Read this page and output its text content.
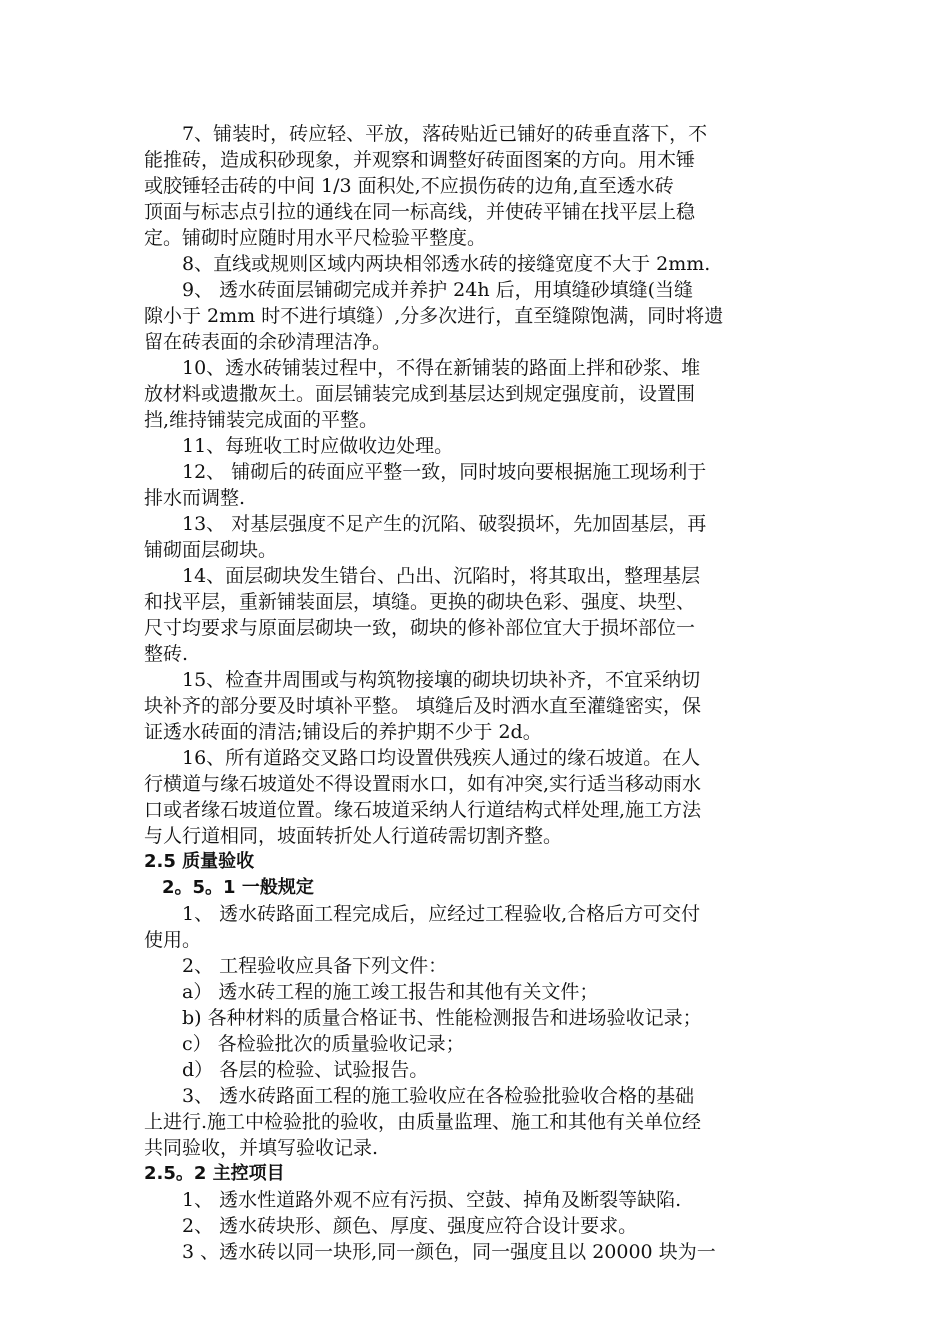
　　7、铺装时，砖应轻、平放，落砖贴近已铺好的砖垂直落下，不
能推砖，造成积砂现象，并观察和调整好砖面图案的方向。用木锤
或胶锤轻击砖的中间 1/3 面积处,不应损伤砖的边角,直至透水砖
顶面与标志点引拉的通线在同一标高线，并使砖平铺在找平层上稳
定。铺砌时应随时用水平尺检验平整度。
　　8、直线或规则区域内两块相邻透水砖的接缝宽度不大于 2mm.
　　9、 透水砖面层铺砌完成并养护 24h 后，用填缝砂填缝(当缝
隙小于 2mm 时不进行填缝）,分多次进行，直至缝隙饱满，同时将遗
留在砖表面的余砂清理洁净。
　　10、透水砖铺装过程中，不得在新铺装的路面上拌和砂浆、堆
放材料或遗撒灰土。面层铺装完成到基层达到规定强度前，设置围
挡,维持铺装完成面的平整。
　　11、每班收工时应做收边处理。
　　12、 铺砌后的砖面应平整一致，同时坡向要根据施工现场利于
排水而调整.
　　13、 对基层强度不足产生的沉陷、破裂损坏，先加固基层，再
铺砌面层砌块。
　　14、面层砌块发生错台、凸出、沉陷时，将其取出，整理基层
和找平层，重新铺装面层，填缝。更换的砌块色彩、强度、块型、
尺寸均要求与原面层砌块一致，砌块的修补部位宜大于损坏部位一
整砖.
　　15、检查井周围或与构筑物接壤的砌块切块补齐，不宜采纳切
块补齐的部分要及时填补平整。 填缝后及时洒水直至灌缝密实，保
证透水砖面的清洁;铺设后的养护期不少于 2d。
　　16、所有道路交叉路口均设置供残疾人通过的缘石坡道。在人
行横道与缘石坡道处不得设置雨水口，如有冲突,实行适当移动雨水
口或者缘石坡道位置。缘石坡道采纳人行道结构式样处理,施工方法
与人行道相同，坡面转折处人行道砖需切割齐整。
2.5 质量验收
　2。5。1 一般规定
　　1、 透水砖路面工程完成后，应经过工程验收,合格后方可交付
使用。
　　2、 工程验收应具备下列文件：
　　a） 透水砖工程的施工竣工报告和其他有关文件；
　　b) 各种材料的质量合格证书、性能检测报告和进场验收记录；
　　c） 各检验批次的质量验收记录；
　　d） 各层的检验、试验报告。
　　3、 透水砖路面工程的施工验收应在各检验批验收合格的基础
上进行.施工中检验批的验收，由质量监理、施工和其他有关单位经
共同验收，并填写验收记录.
2.5。2 主控项目
　　1、 透水性道路外观不应有污损、空鼓、掉角及断裂等缺陷.
　　2、 透水砖块形、颜色、厚度、强度应符合设计要求。
　　3 、透水砖以同一块形,同一颜色，同一强度且以 20000 块为一
